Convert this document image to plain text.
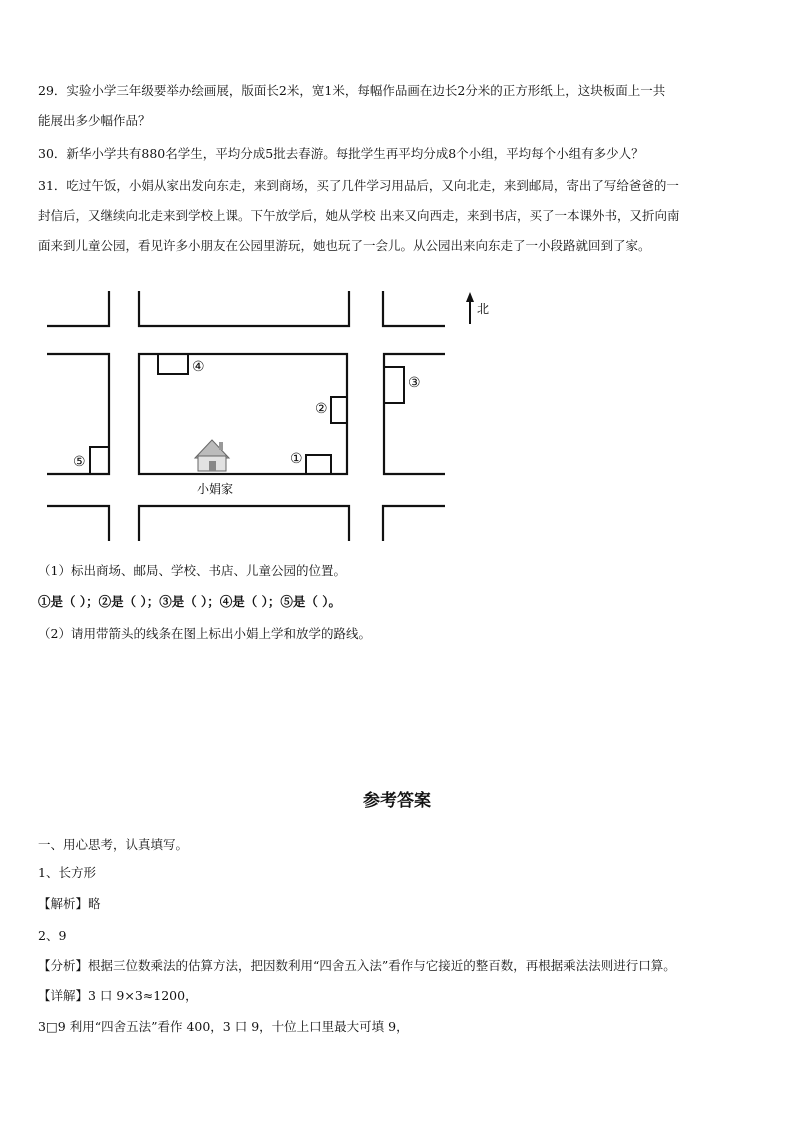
29．实验小学三年级要举办绘画展，版面长2米，宽1米，每幅作品画在边长2分米的正方形纸上，这块板面上一共
能展出多少幅作品？
30．新华小学共有880名学生，平均分成5批去春游。每批学生再平均分成8个小组，平均每个小组有多少人？
31．吃过午饭，小娟从家出发向东走，来到商场，买了几件学习用品后，又向北走，来到邮局，寄出了写给爸爸的一
封信后，又继续向北走来到学校上课。下午放学后，她从学校 出来又向西走，来到书店，买了一本课外书，又折向南
面来到儿童公园，看见许多小朋友在公园里游玩，她也玩了一会儿。从公园出来向东走了一小段路就回到了家。
①
②
③
④
⑤
北
小娟家
（1）标出商场、邮局、学校、书店、儿童公园的位置。
①是（ ）；②是（ ）；③是（ ）；④是（ ）；⑤是（ ）。
（2）请用带箭头的线条在图上标出小娟上学和放学的路线。
参考答案
一、用心思考，认真填写。
1、长方形
【解析】略
2、9
【分析】根据三位数乘法的估算方法，把因数利用“四舍五入法”看作与它接近的整百数，再根据乘法法则进行口算。
【详解】3 口 9×3≈1200，
3□9 利用“四舍五法”看作 400，3 口 9，十位上口里最大可填 9，
